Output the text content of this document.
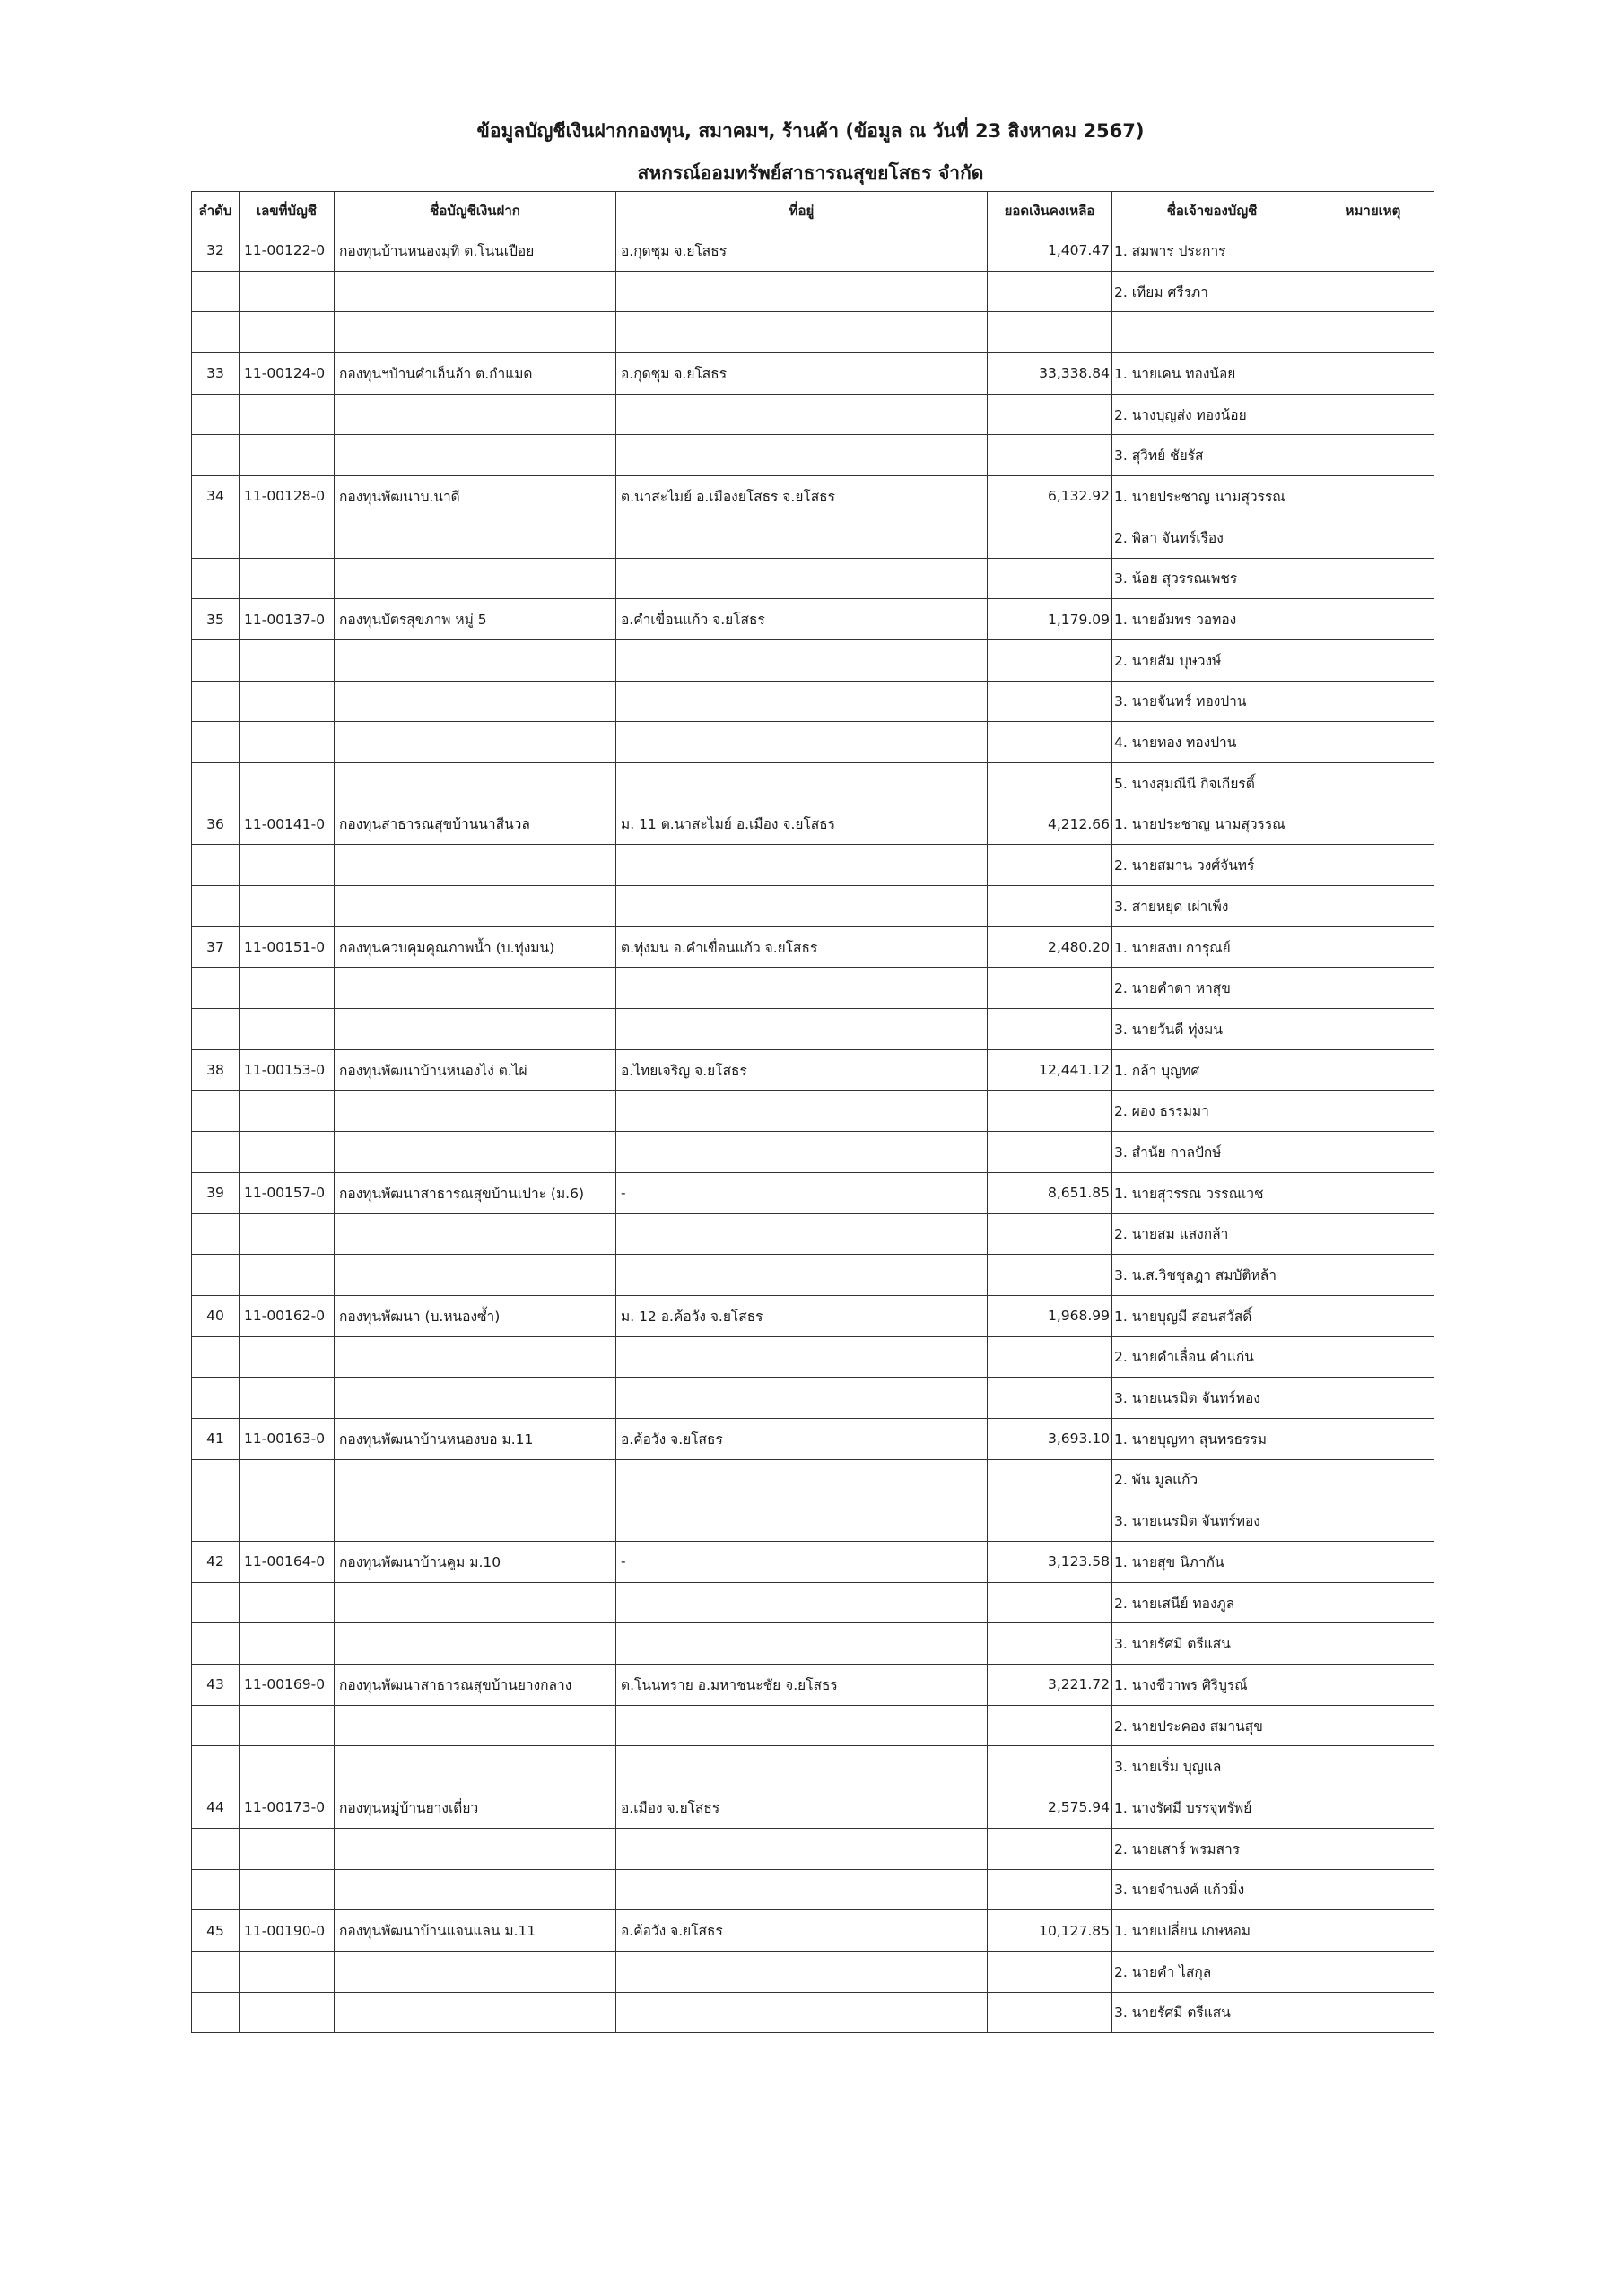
ข้อมูลบัญชีเงินฝากกองทุน, สมาคมฯ, ร้านค้า (ข้อมูล ณ วันที่ 23 สิงหาคม 2567)
สหกรณ์ออมทรัพย์สาธารณสุขยโสธร จำกัด
ลำดับ	เลขที่บัญชี	ชื่อบัญชีเงินฝาก	ที่อยู่	ยอดเงินคงเหลือ	ชื่อเจ้าของบัญชี	หมายเหตุ
32	11-00122-0	กองทุนบ้านหนองมุทิ ต.โนนเปือย	อ.กุดชุม จ.ยโสธร	1,407.47	1. สมพาร ประการ	
					2. เทียม ศรีรภา	

33	11-00124-0	กองทุนฯบ้านคำเอ็นอ้า ต.กำแมด	อ.กุดชุม จ.ยโสธร	33,338.84	1. นายเคน ทองน้อย	
					2. นางบุญส่ง ทองน้อย	
					3. สุวิทย์ ชัยรัส	
34	11-00128-0	กองทุนพัฒนาบ.นาดี	ต.นาสะไมย์ อ.เมืองยโสธร จ.ยโสธร	6,132.92	1. นายประชาญ นามสุวรรณ	
					2. พิลา จันทร์เรือง	
					3. น้อย สุวรรณเพชร	
35	11-00137-0	กองทุนบัตรสุขภาพ หมู่ 5	อ.คำเขื่อนแก้ว จ.ยโสธร	1,179.09	1. นายอัมพร วอทอง	
					2. นายสัม บุษวงษ์	
					3. นายจันทร์ ทองปาน	
					4. นายทอง ทองปาน	
					5. นางสุมณีนี กิจเกียรติ์	
36	11-00141-0	กองทุนสาธารณสุขบ้านนาสีนวล	ม. 11 ต.นาสะไมย์ อ.เมือง จ.ยโสธร	4,212.66	1. นายประชาญ นามสุวรรณ	
					2. นายสมาน วงศ์จันทร์	
					3. สายหยุด เผ่าเพ็ง	
37	11-00151-0	กองทุนควบคุมคุณภาพน้ำ (บ.ทุ่งมน)	ต.ทุ่งมน อ.คำเขื่อนแก้ว จ.ยโสธร	2,480.20	1. นายสงบ การุณย์	
					2. นายคำดา หาสุข	
					3. นายวันดี ทุ่งมน	
38	11-00153-0	กองทุนพัฒนาบ้านหนองไง่ ต.ไผ่	อ.ไทยเจริญ จ.ยโสธร	12,441.12	1. กล้า บุญทศ	
					2. ผอง ธรรมมา	
					3. สำนัย กาลปักษ์	
39	11-00157-0	กองทุนพัฒนาสาธารณสุขบ้านเปาะ (ม.6)	-	8,651.85	1. นายสุวรรณ วรรณเวช	
					2. นายสม แสงกล้า	
					3. น.ส.วิชชุลฎา สมบัติหล้า	
40	11-00162-0	กองทุนพัฒนา (บ.หนองซ้ำ)	ม. 12 อ.ค้อวัง จ.ยโสธร	1,968.99	1. นายบุญมี สอนสวัสดิ์	
					2. นายคำเลื่อน คำแก่น	
					3. นายเนรมิต จันทร์ทอง	
41	11-00163-0	กองทุนพัฒนาบ้านหนองบอ ม.11	อ.ค้อวัง จ.ยโสธร	3,693.10	1. นายบุญทา สุนทรธรรม	
					2. พัน มูลแก้ว	
					3. นายเนรมิต จันทร์ทอง	
42	11-00164-0	กองทุนพัฒนาบ้านคูม ม.10	-	3,123.58	1. นายสุข นิภากัน	
					2. นายเสนีย์ ทองภูล	
					3. นายรัศมี ตรีแสน	
43	11-00169-0	กองทุนพัฒนาสาธารณสุขบ้านยางกลาง	ต.โนนทราย อ.มหาชนะชัย จ.ยโสธร	3,221.72	1. นางชีวาพร ศิริบูรณ์	
					2. นายประคอง สมานสุข	
					3. นายเริ่ม บุญแล	
44	11-00173-0	กองทุนหมู่บ้านยางเดี่ยว	อ.เมือง จ.ยโสธร	2,575.94	1. นางรัศมี บรรจุทรัพย์	
					2. นายเสาร์ พรมสาร	
					3. นายจำนงค์ แก้วมิ่ง	
45	11-00190-0	กองทุนพัฒนาบ้านแจนแลน ม.11	อ.ค้อวัง จ.ยโสธร	10,127.85	1. นายเปลี่ยน เกษหอม	
					2. นายคำ ไสกุล	
					3. นายรัศมี ตรีแสน	
